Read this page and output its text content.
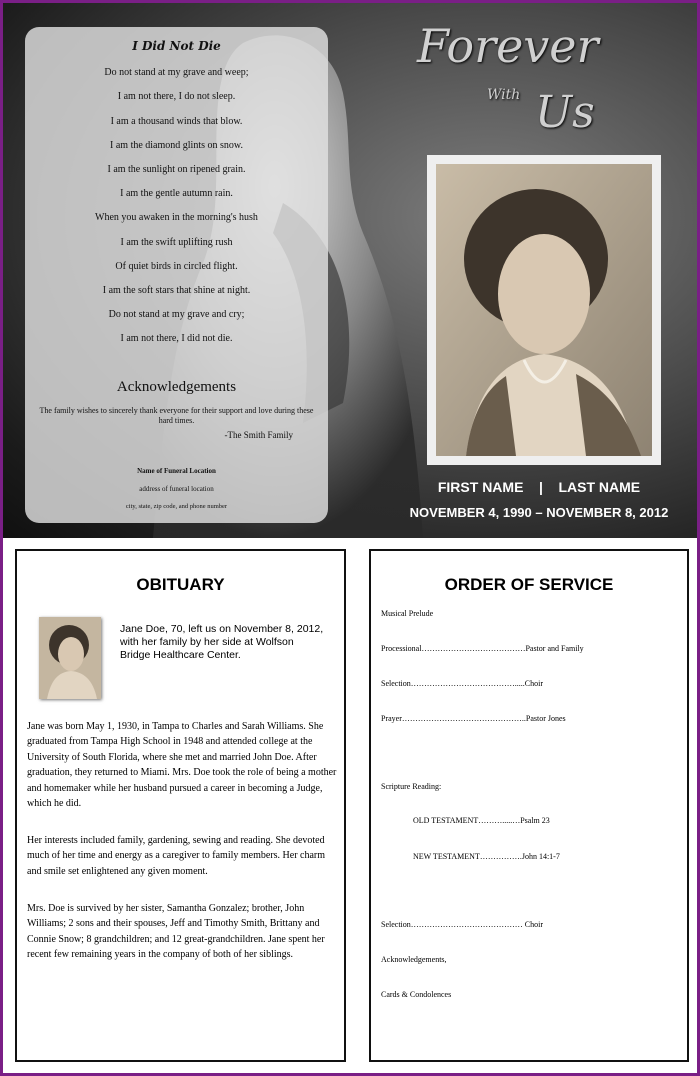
I Did Not Die
Do not stand at my grave and weep;
I am not there, I do not sleep.
I am a thousand winds that blow.
I am the diamond glints on snow.
I am the sunlight on ripened grain.
I am the gentle autumn rain.
When you awaken in the morning's hush
I am the swift uplifting rush
Of quiet birds in circled flight.
I am the soft stars that shine at night.
Do not stand at my grave and cry;
I am not there, I did not die.
Acknowledgements
The family wishes to sincerely thank everyone for their support and love during these hard times.
-The Smith Family
Name of Funeral Location
address of funeral location
city, state, zip code, and phone number
Forever
With Us
FIRST NAME | LAST NAME
NOVEMBER 4, 1990 – NOVEMBER 8, 2012
OBITUARY
Jane Doe, 70, left us on November 8, 2012, with her family by her side at Wolfson Bridge Healthcare Center.
Jane was born May 1, 1930, in Tampa to Charles and Sarah Williams. She graduated from Tampa High School in 1948 and attended college at the University of South Florida, where she met and married John Doe. After graduation, they returned to Miami. Mrs. Doe took the role of being a mother and homemaker while her husband pursued a career in becoming a Judge, which he did.
Her interests included family, gardening, sewing and reading. She devoted much of her time and energy as a caregiver to family members. Her charm and smile set enlightened any given moment.
Mrs. Doe is survived by her sister, Samantha Gonzalez; brother, John Williams; 2 sons and their spouses, Jeff and Timothy Smith, Brittany and Connie Snow; 8 grandchildren; and 12 great-grandchildren. Jane spent her recent few remaining years in the company of both of her siblings.
ORDER OF SERVICE
Musical Prelude
Processional…………………………………Pastor and Family
Selection………………………………….....Choir
Prayer………………………………………..Pastor Jones
Scripture Reading:
OLD TESTAMENT……….....…Psalm 23
NEW TESTAMENT…………….John 14:1-7
Selection…………………………………… Choir
Acknowledgements,
Cards & Condolences
